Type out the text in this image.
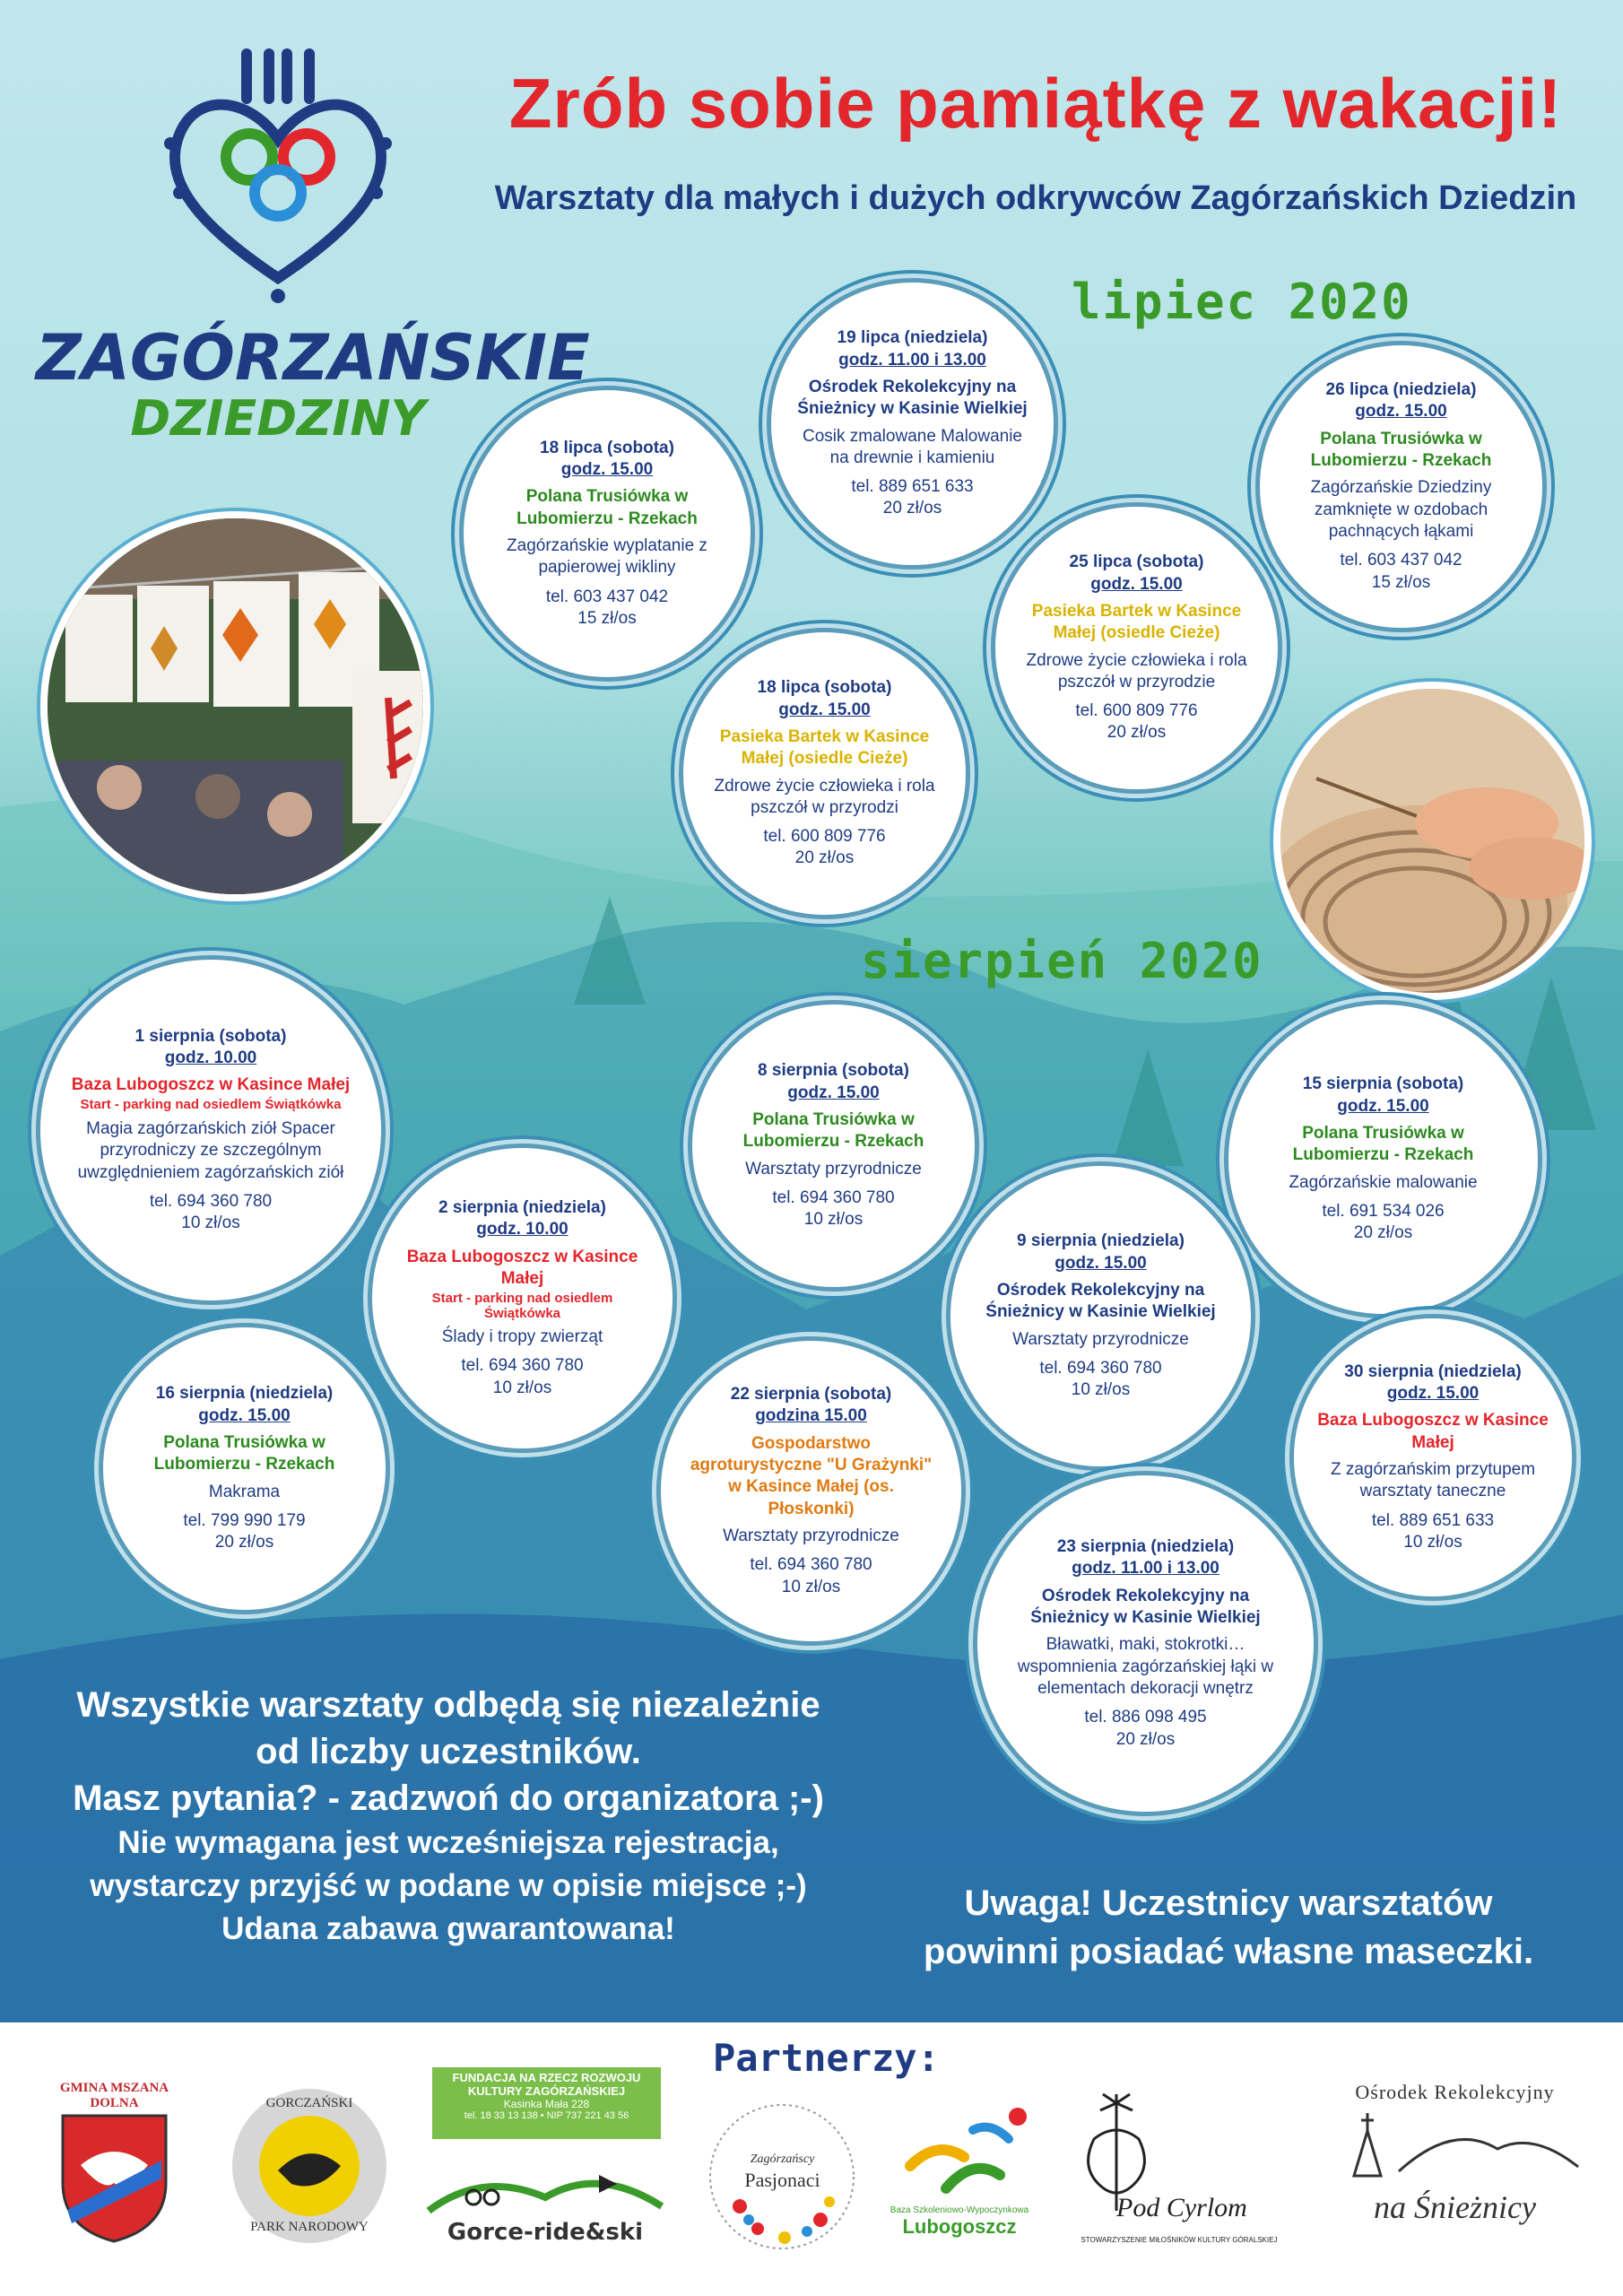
ZAGÓRZAŃSKIE
DZIEDZINY
Zrób sobie pamiątkę z wakacji!
Warsztaty dla małych i dużych odkrywców Zagórzańskich Dziedzin
lipiec 2020
sierpień 2020
18 lipca (sobota)
godz. 15.00
Polana Trusiówka w Lubomierzu - Rzekach
Zagórzańskie wyplatanie z papierowej wikliny
tel. 603 437 042
15 zł/os
19 lipca (niedziela)
godz. 11.00 i 13.00
Ośrodek Rekolekcyjny na Śnieżnicy w Kasinie Wielkiej
Cosik zmalowane Malowanie na drewnie i kamieniu
tel. 889 651 633
20 zł/os
26 lipca (niedziela)
godz. 15.00
Polana Trusiówka w Lubomierzu - Rzekach
Zagórzańskie Dziedziny zamknięte w ozdobach pachnących łąkami
tel. 603 437 042
15 zł/os
25 lipca (sobota)
godz. 15.00
Pasieka Bartek w Kasince Małej (osiedle Cieże)
Zdrowe życie człowieka i rola pszczół w przyrodzie
tel. 600 809 776
20 zł/os
18 lipca (sobota)
godz. 15.00
Pasieka Bartek w Kasince Małej (osiedle Cieże)
Zdrowe życie człowieka i rola pszczół w przyrodzi
tel. 600 809 776
20 zł/os
1 sierpnia (sobota)
godz. 10.00
Baza Lubogoszcz w Kasince Małej
Start - parking nad osiedlem Świątkówka
Magia zagórzańskich ziół Spacer przyrodniczy ze szczególnym uwzględnieniem zagórzańskich ziół
tel. 694 360 780
10 zł/os
8 sierpnia (sobota)
godz. 15.00
Polana Trusiówka w Lubomierzu - Rzekach
Warsztaty przyrodnicze
tel. 694 360 780
10 zł/os
15 sierpnia (sobota)
godz. 15.00
Polana Trusiówka w Lubomierzu - Rzekach
Zagórzańskie malowanie
tel. 691 534 026
20 zł/os
2 sierpnia (niedziela)
godz. 10.00
Baza Lubogoszcz w Kasince Małej
Start - parking nad osiedlem Świątkówka
Ślady i tropy zwierząt
tel. 694 360 780
10 zł/os
9 sierpnia (niedziela)
godz. 15.00
Ośrodek Rekolekcyjny na Śnieżnicy w Kasinie Wielkiej
Warsztaty przyrodnicze
tel. 694 360 780
10 zł/os
16 sierpnia (niedziela)
godz. 15.00
Polana Trusiówka w Lubomierzu - Rzekach
Makrama
tel. 799 990 179
20 zł/os
22 sierpnia (sobota)
godzina 15.00
Gospodarstwo agroturystyczne "U Grażynki" w Kasince Małej (os. Płoskonki)
Warsztaty przyrodnicze
tel. 694 360 780
10 zł/os
30 sierpnia (niedziela)
godz. 15.00
Baza Lubogoszcz w Kasince Małej
Z zagórzańskim przytupem warsztaty taneczne
tel. 889 651 633
10 zł/os
23 sierpnia (niedziela)
godz. 11.00 i 13.00
Ośrodek Rekolekcyjny na Śnieżnicy w Kasinie Wielkiej
Bławatki, maki, stokrotki… wspomnienia zagórzańskiej łąki w elementach dekoracji wnętrz
tel. 886 098 495
20 zł/os
Wszystkie warsztaty odbędą się niezależnie
od liczby uczestników.
Masz pytania? - zadzwoń do organizatora ;-)
Nie wymagana jest wcześniejsza rejestracja,
wystarczy przyjść w podane w opisie miejsce ;-)
Udana zabawa gwarantowana!
Uwaga! Uczestnicy warsztatów
powinni posiadać własne maseczki.
Partnerzy:
GMINA MSZANA DOLNA	GORCZAŃSKI
PARK NARODOWY
FUNDACJA NA RZECZ ROZWOJU
KULTURY ZAGÓRZAŃSKIEJ
Kasinka Mała 228
tel. 18 33 13 138 • NIP 737 221 43 56
Gorce-ride&ski
Zagórzańscy
Pasjonaci
Baza Szkoleniowo-Wypoczynkowa
Lubogoszcz
Pod Cyrlom
STOWARZYSZENIE MIŁOŚNIKÓW KULTURY GÓRALSKIEJ
Ośrodek Rekolekcyjny
na Śnieżnicy
